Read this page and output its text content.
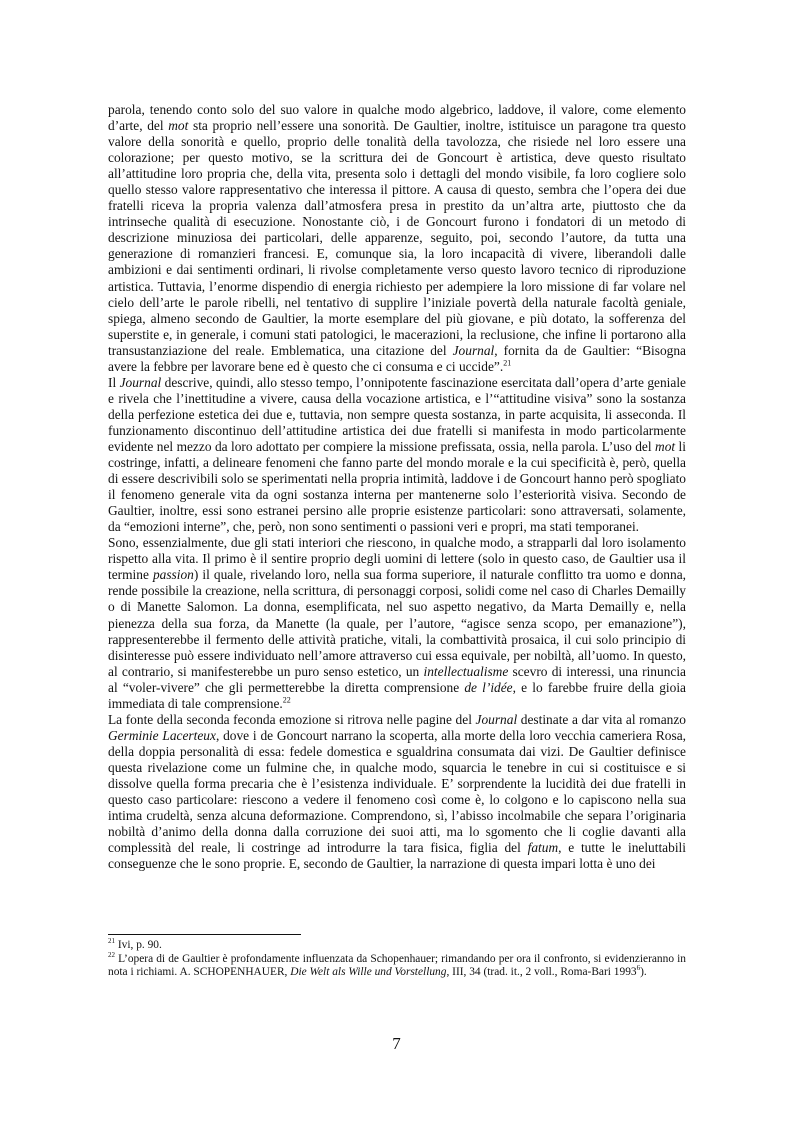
parola, tenendo conto solo del suo valore in qualche modo algebrico, laddove, il valore, come elemento d’arte, del mot sta proprio nell’essere una sonorità. De Gaultier, inoltre, istituisce un paragone tra questo valore della sonorità e quello, proprio delle tonalità della tavolozza, che risiede nel loro essere una colorazione; per questo motivo, se la scrittura dei de Goncourt è artistica, deve questo risultato all’attitudine loro propria che, della vita, presenta solo i dettagli del mondo visibile, fa loro cogliere solo quello stesso valore rappresentativo che interessa il pittore. A causa di questo, sembra che l’opera dei due fratelli riceva la propria valenza dall’atmosfera presa in prestito da un’altra arte, piuttosto che da intrinseche qualità di esecuzione. Nonostante ciò, i de Goncourt furono i fondatori di un metodo di descrizione minuziosa dei particolari, delle apparenze, seguito, poi, secondo l’autore, da tutta una generazione di romanzieri francesi. E, comunque sia, la loro incapacità di vivere, liberandoli dalle ambizioni e dai sentimenti ordinari, li rivolse completamente verso questo lavoro tecnico di riproduzione artistica. Tuttavia, l’enorme dispendio di energia richiesto per adempiere la loro missione di far volare nel cielo dell’arte le parole ribelli, nel tentativo di supplire l’iniziale povertà della naturale facoltà geniale, spiega, almeno secondo de Gaultier, la morte esemplare del più giovane, e più dotato, la sofferenza del superstite e, in generale, i comuni stati patologici, le macerazioni, la reclusione, che infine li portarono alla transustanziazione del reale. Emblematica, una citazione del Journal, fornita da de Gaultier: “Bisogna avere la febbre per lavorare bene ed è questo che ci consuma e ci uccide”.$^{21}$

Il Journal descrive, quindi, allo stesso tempo, l’onnipotente fascinazione esercitata dall’opera d’arte geniale e rivela che l’inettitudine a vivere, causa della vocazione artistica, e l’“attitudine visiva” sono la sostanza della perfezione estetica dei due e, tuttavia, non sempre questa sostanza, in parte acquisita, li asseconda. Il funzionamento discontinuo dell’attitudine artistica dei due fratelli si manifesta in modo particolarmente evidente nel mezzo da loro adottato per compiere la missione prefissata, ossia, nella parola. L’uso del mot li costringe, infatti, a delineare fenomeni che fanno parte del mondo morale e la cui specificità è, però, quella di essere descrivibili solo se sperimentati nella propria intimità, laddove i de Goncourt hanno però spogliato il fenomeno generale vita da ogni sostanza interna per mantenerne solo l’esteriorità visiva. Secondo de Gaultier, inoltre, essi sono estranei persino alle proprie esistenze particolari: sono attraversati, solamente, da “emozioni interne”, che, però, non sono sentimenti o passioni veri e propri, ma stati temporanei.

Sono, essenzialmente, due gli stati interiori che riescono, in qualche modo, a strapparli dal loro isolamento rispetto alla vita. Il primo è il sentire proprio degli uomini di lettere (solo in questo caso, de Gaultier usa il termine passion) il quale, rivelando loro, nella sua forma superiore, il naturale conflitto tra uomo e donna, rende possibile la creazione, nella scrittura, di personaggi corposi, solidi come nel caso di Charles Demailly o di Manette Salomon. La donna, esemplificata, nel suo aspetto negativo, da Marta Demailly e, nella pienezza della sua forza, da Manette (la quale, per l’autore, “agisce senza scopo, per emanazione”), rappresenterebbe il fermento delle attività pratiche, vitali, la combattività prosaica, il cui solo principio di disinteresse può essere individuato nell’amore attraverso cui essa equivale, per nobiltà, all’uomo. In questo, al contrario, si manifesterebbe un puro senso estetico, un intellectualisme scevro di interessi, una rinuncia al “voler-vivere” che gli permetterebbe la diretta comprensione de l’idée, e lo farebbe fruire della gioia immediata di tale comprensione.$^{22}$

La fonte della seconda feconda emozione si ritrova nelle pagine del Journal destinate a dar vita al romanzo Germinie Lacerteux, dove i de Goncourt narrano la scoperta, alla morte della loro vecchia cameriera Rosa, della doppia personalità di essa: fedele domestica e sgualdrina consumata dai vizi. De Gaultier definisce questa rivelazione come un fulmine che, in qualche modo, squarcia le tenebre in cui si costituisce e si dissolve quella forma precaria che è l’esistenza individuale. E’ sorprendente la lucidità dei due fratelli in questo caso particolare: riescono a vedere il fenomeno così come è, lo colgono e lo capiscono nella sua intima crudeltà, senza alcuna deformazione. Comprendono, sì, l’abisso incolmabile che separa l’originaria nobiltà d’animo della donna dalla corruzione dei suoi atti, ma lo sgomento che li coglie davanti alla complessità del reale, li costringe ad introdurre la tara fisica, figlia del fatum, e tutte le ineluttabili conseguenze che le sono proprie. E, secondo de Gaultier, la narrazione di questa impari lotta è uno dei

$^{21}$ Ivi, p. 90.

$^{22}$ L’opera di de Gaultier è profondamente influenzata da Schopenhauer; rimandando per ora il confronto, si evidenzieranno in nota i richiami. A. SCHOPENHAUER, Die Welt als Wille und Vorstellung, III, 34 (trad. it., 2 voll., Roma-Bari 1993$^6$).

7
